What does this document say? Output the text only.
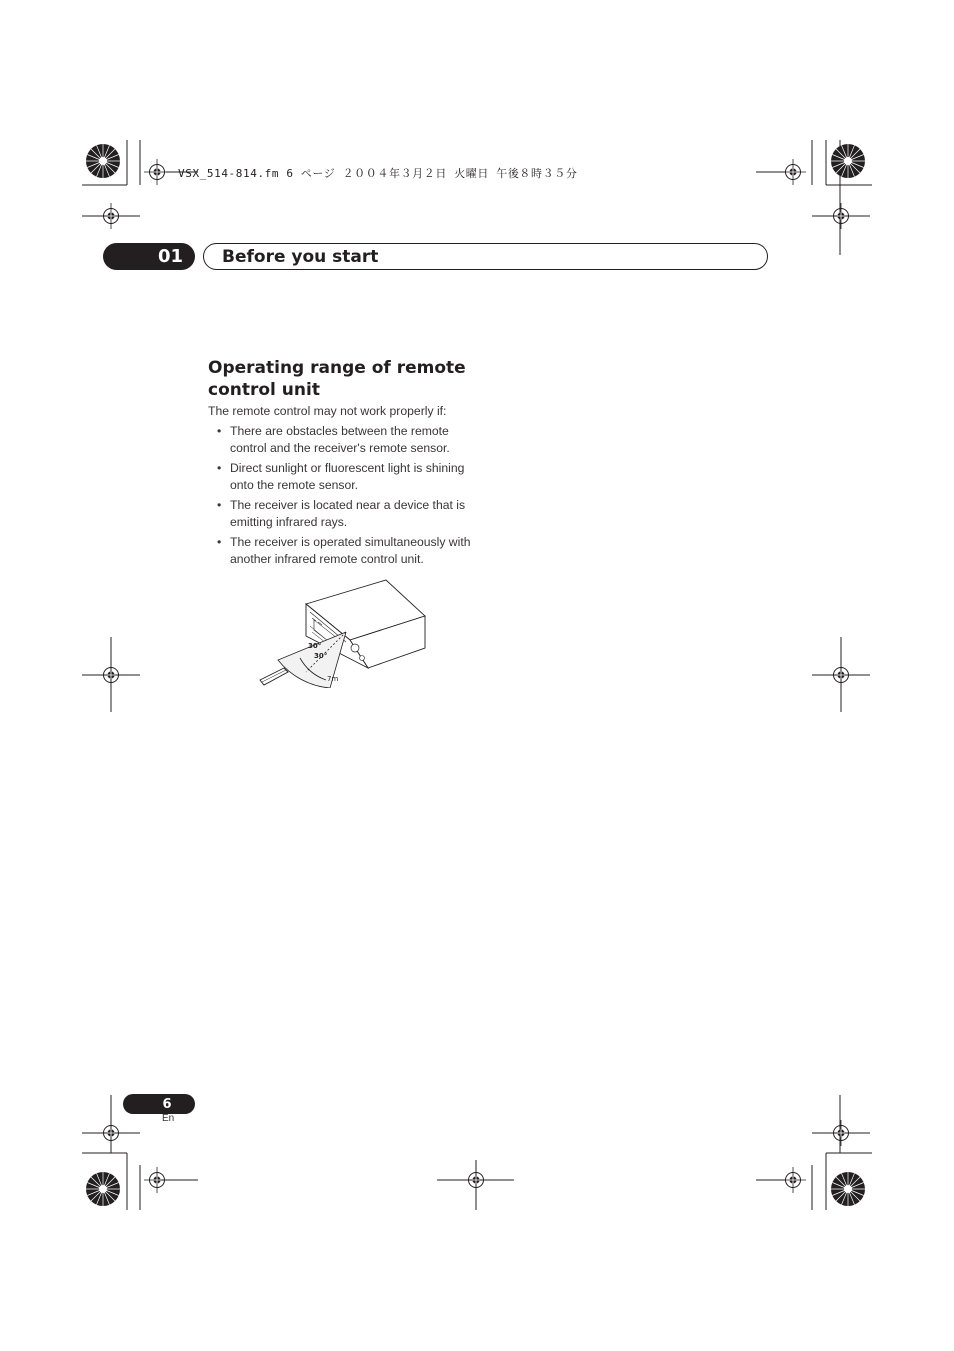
VSX_514-814.fm 6 ページ ２００４年３月２日 火曜日 午後８時３５分
01 Before you start
Operating range of remote control unit

The remote control may not work properly if:

• There are obstacles between the remote control and the receiver's remote sensor.
• Direct sunlight or fluorescent light is shining onto the remote sensor.
• The receiver is located near a device that is emitting infrared rays.
• The receiver is operated simultaneously with another infrared remote control unit.
30°
30°
7m
6
En
